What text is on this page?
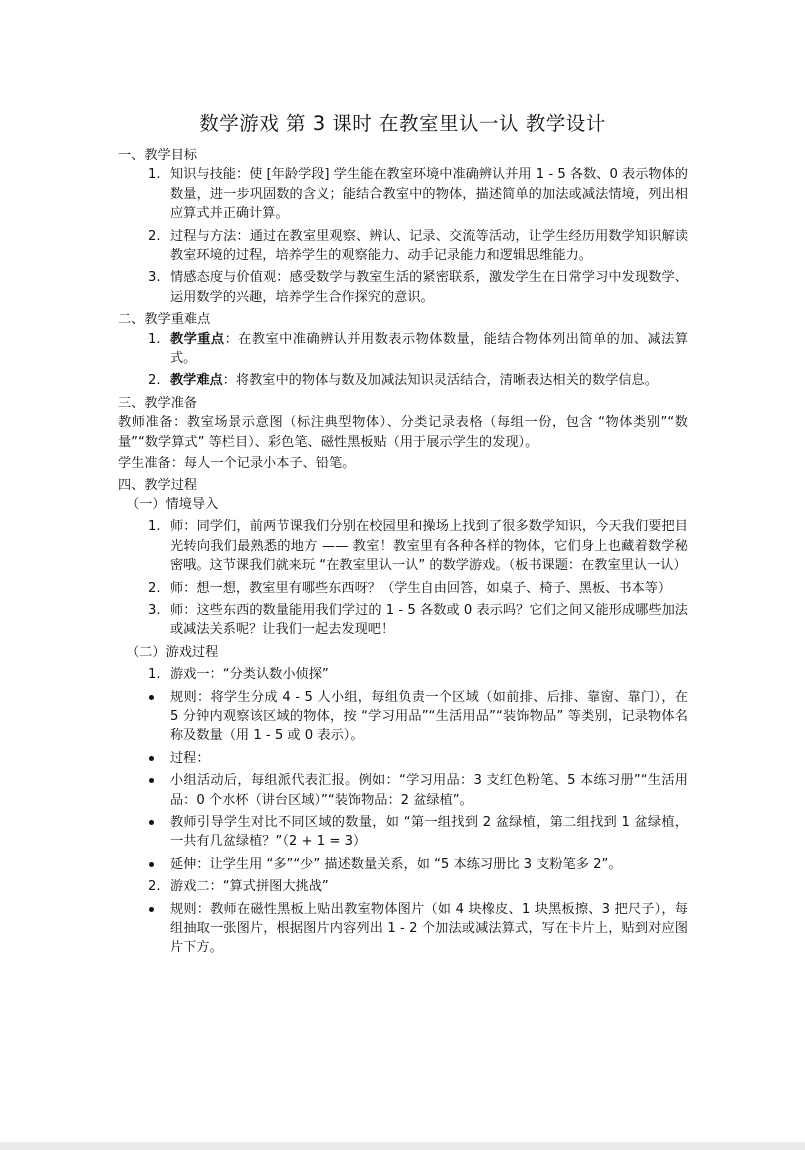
数学游戏 第 3 课时 在教室里认一认 教学设计

一、教学目标

1. 知识与技能：使 [年龄学段] 学生能在教室环境中准确辨认并用 1 - 5 各数、0 表示物体的数量，进一步巩固数的含义；能结合教室中的物体，描述简单的加法或减法情境，列出相应算式并正确计算。
2. 过程与方法：通过在教室里观察、辨认、记录、交流等活动，让学生经历用数学知识解读教室环境的过程，培养学生的观察能力、动手记录能力和逻辑思维能力。
3. 情感态度与价值观：感受数学与教室生活的紧密联系，激发学生在日常学习中发现数学、运用数学的兴趣，培养学生合作探究的意识。

二、教学重难点

1. 教学重点：在教室中准确辨认并用数表示物体数量，能结合物体列出简单的加、减法算式。
2. 教学难点：将教室中的物体与数及加减法知识灵活结合，清晰表达相关的数学信息。

三、教学准备

教师准备：教室场景示意图（标注典型物体）、分类记录表格（每组一份，包含 “物体类别”“数量”“数学算式” 等栏目）、彩色笔、磁性黑板贴（用于展示学生的发现）。

学生准备：每人一个记录小本子、铅笔。

四、教学过程

（一）情境导入

1. 师：同学们，前两节课我们分别在校园里和操场上找到了很多数学知识，今天我们要把目光转向我们最熟悉的地方 —— 教室！教室里有各种各样的物体，它们身上也藏着数学秘密哦。这节课我们就来玩 “在教室里认一认” 的数学游戏。（板书课题：在教室里认一认）
2. 师：想一想，教室里有哪些东西呀？（学生自由回答，如桌子、椅子、黑板、书本等）
3. 师：这些东西的数量能用我们学过的 1 - 5 各数或 0 表示吗？它们之间又能形成哪些加法或减法关系呢？让我们一起去发现吧！

（二）游戏过程

1. 游戏一：“分类认数小侦探”
规则：将学生分成 4 - 5 人小组，每组负责一个区域（如前排、后排、靠窗、靠门），在 5 分钟内观察该区域的物体，按 “学习用品”“生活用品”“装饰物品” 等类别，记录物体名称及数量（用 1 - 5 或 0 表示）。
过程：
小组活动后，每组派代表汇报。例如：“学习用品：3 支红色粉笔、5 本练习册”“生活用品：0 个水杯（讲台区域）”“装饰物品：2 盆绿植”。
教师引导学生对比不同区域的数量，如 “第一组找到 2 盆绿植，第二组找到 1 盆绿植，一共有几盆绿植？”（2 + 1 = 3）
延伸：让学生用 “多”“少” 描述数量关系，如 “5 本练习册比 3 支粉笔多 2”。
2. 游戏二：“算式拼图大挑战”
规则：教师在磁性黑板上贴出教室物体图片（如 4 块橡皮、1 块黑板擦、3 把尺子），每组抽取一张图片，根据图片内容列出 1 - 2 个加法或减法算式，写在卡片上，贴到对应图片下方。
